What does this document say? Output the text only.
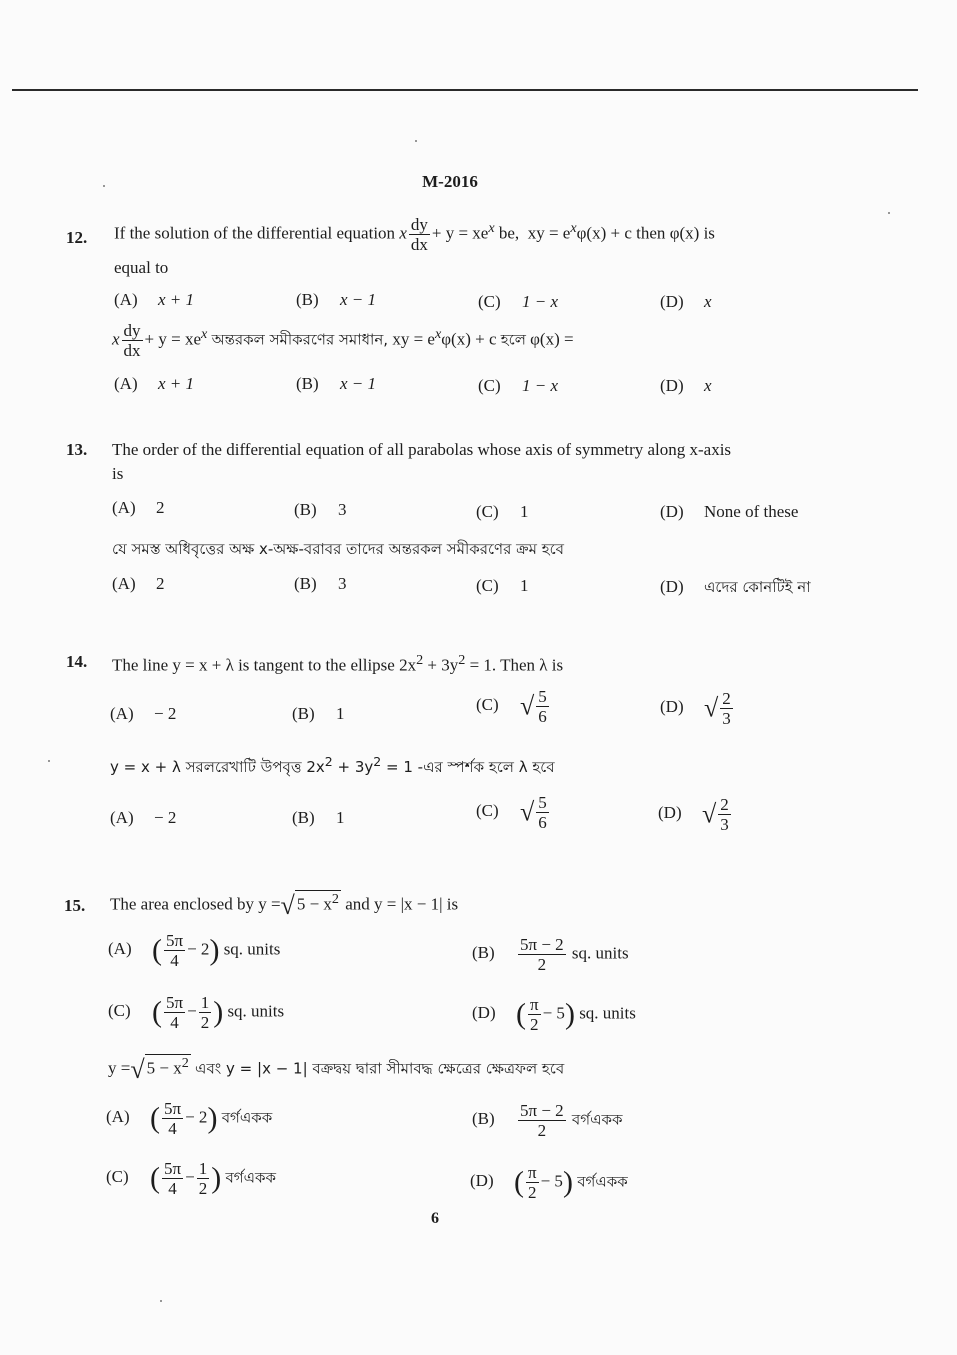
M-2016
12. If the solution of the differential equation x $\frac{dy}{dx} + y = xe^x$ be, xy = $e^x\varphi(x) + c$ then φ(x) is
equal to
(A) x + 1	(B) x − 1	(C) 1 − x	(D) x
x $\frac{dy}{dx} + y = xe^x$ অন্তরকল সমীকরণের সমাধান, xy = $e^x\varphi(x) + c$ হলে φ(x) =
(A) x + 1	(B) x − 1	(C) 1 − x	(D) x
13. The order of the differential equation of all parabolas whose axis of symmetry along x-axis
is
(A) 2	(B) 3	(C) 1	(D) None of these
যে সমস্ত অধিবৃত্তের অক্ষ x-অক্ষ-বরাবর তাদের অন্তরকল সমীকরণের ক্রম হবে
(A) 2	(B) 3	(C) 1	(D) এদের কোনটিই না
14. The line y = x + λ is tangent to the ellipse $2x^2 + 3y^2 = 1$. Then λ is
(A) − 2	(B) 1	(C) √ $\frac{5}{6}$	(D) √ $\frac{2}{3}$
y = x + λ সরলরেখাটি উপবৃত্ত $2x^2 + 3y^2 = 1$ -এর স্পর্শক হলে λ হবে
(A) − 2	(B) 1	(C) √ $\frac{5}{6}$	(D) √ $\frac{2}{3}$
15. The area enclosed by y =√ $5 - x^2$ and y = |x − 1| is
(A) ( $\frac{5\pi}{4} - 2$) sq. units	$(B) \frac{5\pi - 2}{2}$ sq. units
(C) ( $\frac{5\pi}{4} - \frac{1}{2}$ ) sq. units	(D) ( $\frac{\pi}{2} - 5$) sq. units
y =√ $5 - x^2$ এবং y = |x − 1| বক্রদ্বয় দ্বারা সীমাবদ্ধ ক্ষেত্রের ক্ষেত্রফল হবে
(A) ( $\frac{5\pi}{4} - 2$) বর্গএকক	$(B) \frac{5\pi - 2}{2}$ বর্গএকক
(C) ( $\frac{5\pi}{4} - \frac{1}{2}$ ) বর্গএকক	(D) ( $\frac{\pi}{2} - 5$) বর্গএকক
6
